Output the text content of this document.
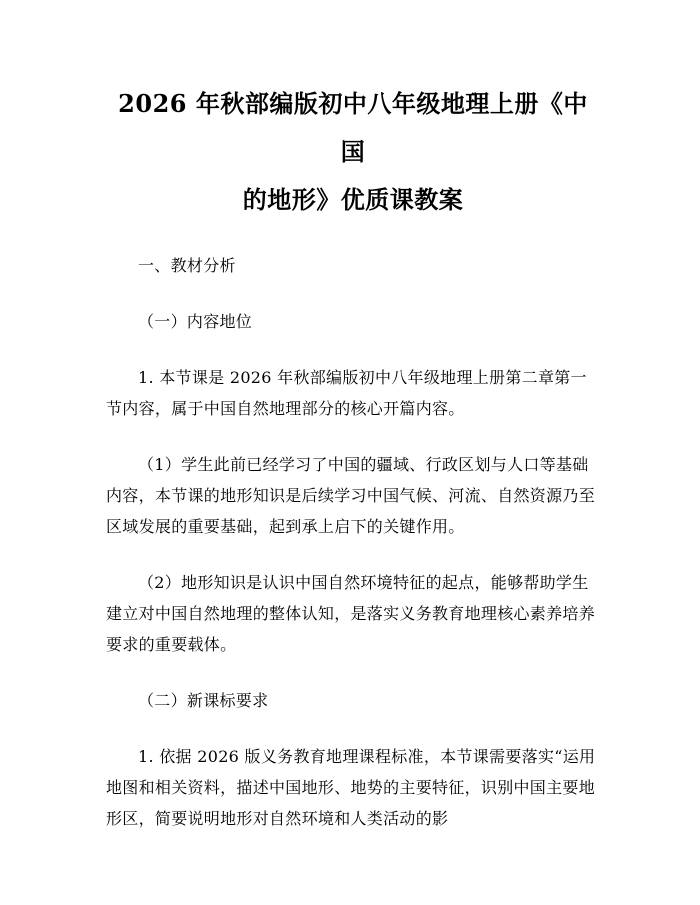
2026 年秋部编版初中八年级地理上册《中国
的地形》优质课教案

一、教材分析

（一）内容地位

1. 本节课是 2026 年秋部编版初中八年级地理上册第二章第一节内容，属于中国自然地理部分的核心开篇内容。

（1）学生此前已经学习了中国的疆域、行政区划与人口等基础内容，本节课的地形知识是后续学习中国气候、河流、自然资源乃至区域发展的重要基础，起到承上启下的关键作用。

（2）地形知识是认识中国自然环境特征的起点，能够帮助学生建立对中国自然地理的整体认知，是落实义务教育地理核心素养培养要求的重要载体。

（二）新课标要求

1. 依据 2026 版义务教育地理课程标准，本节课需要落实“运用地图和相关资料，描述中国地形、地势的主要特征，识别中国主要地形区，简要说明地形对自然环境和人类活动的影
